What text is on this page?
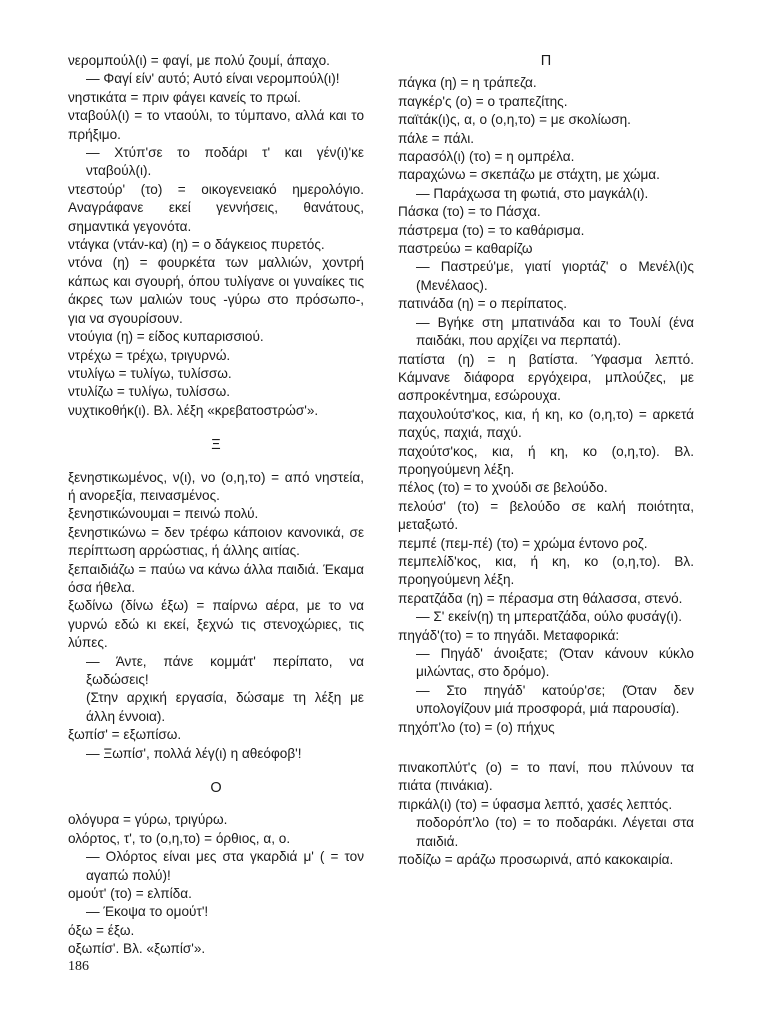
νερομπούλ(ι) = φαγί, με πολύ ζουμί, άπαχο.

— Φαγί είν' αυτό; Αυτό είναι νερομπούλ(ι)!

νηστικάτα = πριν φάγει κανείς το πρωί.

νταβούλ(ι) = το νταούλι, το τύμπανο, αλλά και το πρήξιμο.

— Χτύπ'σε το ποδάρι τ' και γέν(ι)'κε νταβούλ(ι).

ντεστούρ' (το) = οικογενειακό ημερολόγιο. Αναγράφανε εκεί γεννήσεις, θανάτους, σημαντικά γεγονότα.

ντάγκα (ντάν-κα) (η) = ο δάγκειος πυρετός.

ντόνα (η) = φουρκέτα των μαλλιών, χοντρή κάπως και σγουρή, όπου τυλίγανε οι γυναίκες τις άκρες των μαλιών τους -γύρω στο πρόσωπο-, για να σγουρίσουν.

ντούγια (η) = είδος κυπαρισσιού.

ντρέχω = τρέχω, τριγυρνώ.

ντυλίγω = τυλίγω, τυλίσσω.

ντυλίζω = τυλίγω, τυλίσσω.

νυχτικοθήκ(ι). Βλ. λέξη «κρεβατοστρώσ'».

Ξ

ξενηστικωμένος, ν(ι), νο (ο,η,το) = από νηστεία, ή ανορεξία, πεινασμένος.

ξενηστικώνουμαι = πεινώ πολύ.

ξενηστικώνω = δεν τρέφω κάποιον κανονικά, σε περίπτωση αρρώστιας, ή άλλης αιτίας.

ξεπαιδιάζω = παύω να κάνω άλλα παιδιά. Έκαμα όσα ήθελα.

ξωδίνω (δίνω έξω) = παίρνω αέρα, με το να γυρνώ εδώ κι εκεί, ξεχνώ τις στενοχώριες, τις λύπες.

— Άντε, πάνε κομμάτ' περίπατο, να ξωδώσεις!

(Στην αρχική εργασία, δώσαμε τη λέξη με άλλη έννοια).

ξωπίσ' = εξωπίσω.

— Ξωπίσ', πολλά λέγ(ι) η αθεόφοβ'!

Ο

ολόγυρα = γύρω, τριγύρω.

ολόρτος, τ', το (ο,η,το) = όρθιος, α, ο.

— Ολόρτος είναι μες στα γκαρδιά μ' ( = τον αγαπώ πολύ)!

ομούτ' (το) = ελπίδα.

— Έκοψα το ομούτ'!

όξω = έξω.

οξωπίσ'. Βλ. «ξωπίσ'».

Π

πάγκα (η) = η τράπεζα.

παγκέρ'ς (ο) = ο τραπεζίτης.

παϊτάκ(ι)ς, α, ο (ο,η,το) = με σκολίωση.

πάλε = πάλι.

παρασόλ(ι) (το) = η ομπρέλα.

παραχώνω = σκεπάζω με στάχτη, με χώμα.

— Παράχωσα τη φωτιά, στο μαγκάλ(ι).

Πάσκα (το) = το Πάσχα.

πάστρεμα (το) = το καθάρισμα.

παστρεύω = καθαρίζω

— Παστρεύ'με, γιατί γιορτάζ' ο Μενέλ(ι)ς (Μενέλαος).

πατινάδα (η) = ο περίπατος.

— Βγήκε στη μπατινάδα και το Τουλί (ένα παιδάκι, που αρχίζει να περπατά).

πατίστα (η) = η βατίστα. Ύφασμα λεπτό. Κάμνανε διάφορα εργόχειρα, μπλούζες, με ασπροκέντημα, εσώρουχα.

παχουλούτσ'κος, κια, ή κη, κο (ο,η,το) = αρκετά παχύς, παχιά, παχύ.

παχούτσ'κος, κια, ή κη, κο (ο,η,το). Βλ. προηγούμενη λέξη.

πέλος (το) = το χνούδι σε βελούδο.

πελούσ' (το) = βελούδο σε καλή ποιότητα, μεταξωτό.

πεμπέ (πεμ-πέ) (το) = χρώμα έντονο ροζ.

πεμπελίδ'κος, κια, ή κη, κο (ο,η,το). Βλ. προηγούμενη λέξη.

περατζάδα (η) = πέρασμα στη θάλασσα, στενό.

— Σ' εκείν(η) τη μπερατζάδα, ούλο φυσάγ(ι).

πηγάδ'(το) = το πηγάδι. Μεταφορικά:

— Πηγάδ' άνοιξατε; (Όταν κάνουν κύκλο μιλώντας, στο δρόμο).

— Στο πηγάδ' κατούρ'σε; (Όταν δεν υπολογίζουν μιά προσφορά, μιά παρουσία).

πηχόπ'λο (το) = (ο) πήχυς

πινακοπλύτ'ς (ο) = το πανί, που πλύνουν τα πιάτα (πινάκια).

πιρκάλ(ι) (το) = ύφασμα λεπτό, χασές λεπτός.

ποδορόπ'λο (το) = το ποδαράκι. Λέγεται στα παιδιά.

ποδίζω = αράζω προσωρινά, από κακοκαιρία.

186
